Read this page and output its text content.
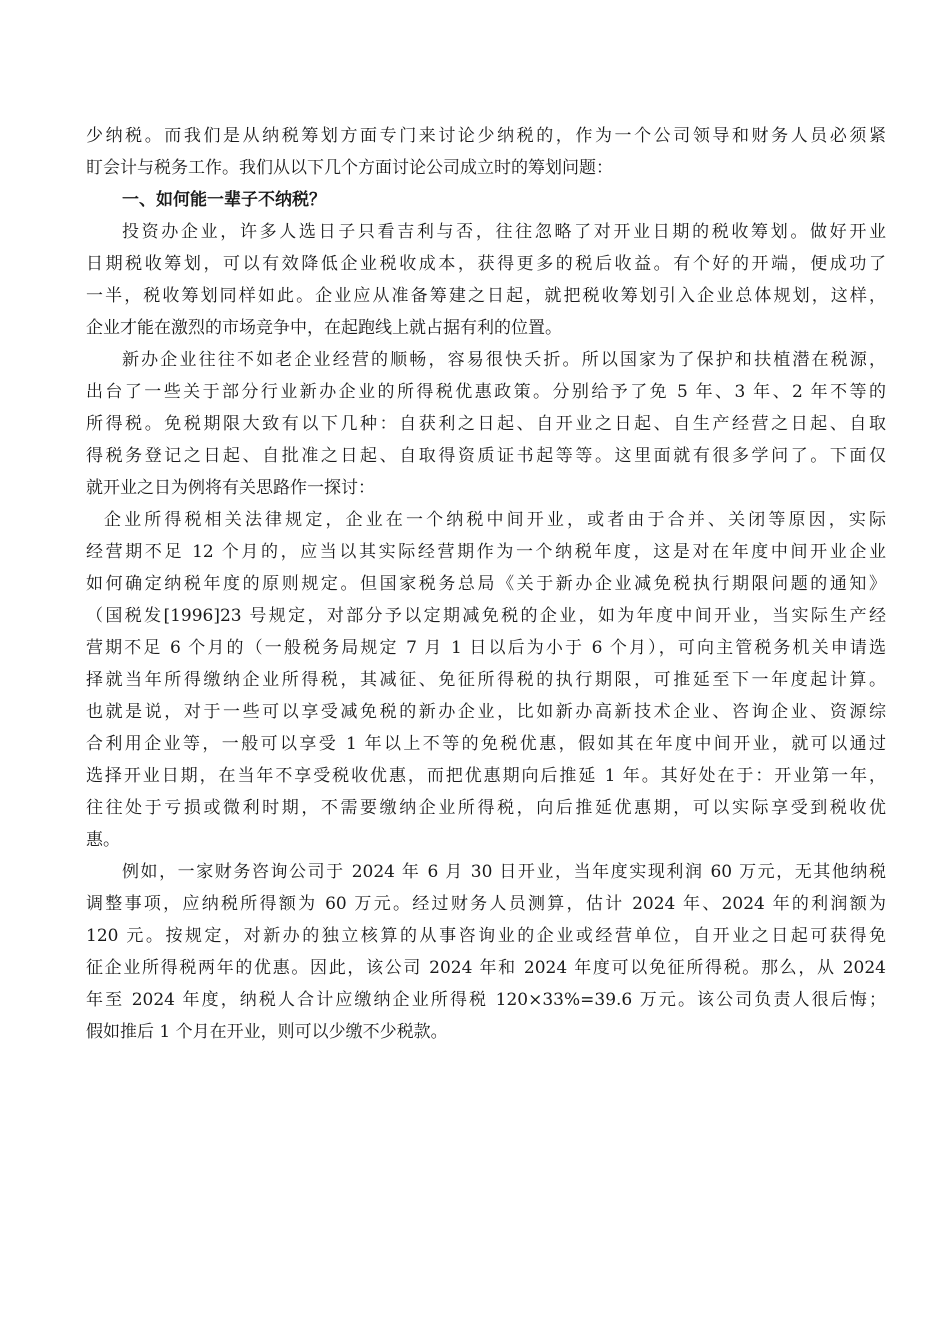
少纳税。而我们是从纳税筹划方面专门来讨论少纳税的，作为一个公司领导和财务人员必须紧
盯会计与税务工作。我们从以下几个方面讨论公司成立时的筹划问题：
一、如何能一辈子不纳税？
投资办企业，许多人选日子只看吉利与否，往往忽略了对开业日期的税收筹划。做好开业
日期税收筹划，可以有效降低企业税收成本，获得更多的税后收益。有个好的开端，便成功了
一半，税收筹划同样如此。企业应从准备筹建之日起，就把税收筹划引入企业总体规划，这样，
企业才能在激烈的市场竞争中，在起跑线上就占据有利的位置。
新办企业往往不如老企业经营的顺畅，容易很快夭折。所以国家为了保护和扶植潜在税源，
出台了一些关于部分行业新办企业的所得税优惠政策。分别给予了免 5 年、3 年、2 年不等的
所得税。免税期限大致有以下几种：自获利之日起、自开业之日起、自生产经营之日起、自取
得税务登记之日起、自批准之日起、自取得资质证书起等等。这里面就有很多学问了。下面仅
就开业之日为例将有关思路作一探讨：
企业所得税相关法律规定，企业在一个纳税中间开业，或者由于合并、关闭等原因，实际
经营期不足 12 个月的，应当以其实际经营期作为一个纳税年度，这是对在年度中间开业企业
如何确定纳税年度的原则规定。但国家税务总局《关于新办企业减免税执行期限问题的通知》
（国税发[1996]23 号规定，对部分予以定期减免税的企业，如为年度中间开业，当实际生产经
营期不足 6 个月的（一般税务局规定 7 月 1 日以后为小于 6 个月），可向主管税务机关申请选
择就当年所得缴纳企业所得税，其减征、免征所得税的执行期限，可推延至下一年度起计算。
也就是说，对于一些可以享受减免税的新办企业，比如新办高新技术企业、咨询企业、资源综
合利用企业等，一般可以享受 1 年以上不等的免税优惠，假如其在年度中间开业，就可以通过
选择开业日期，在当年不享受税收优惠，而把优惠期向后推延 1 年。其好处在于：开业第一年，
往往处于亏损或微利时期，不需要缴纳企业所得税，向后推延优惠期，可以实际享受到税收优
惠。
例如，一家财务咨询公司于 2024 年 6 月 30 日开业，当年度实现利润 60 万元，无其他纳税
调整事项，应纳税所得额为 60 万元。经过财务人员测算，估计 2024 年、2024 年的利润额为
120 元。按规定，对新办的独立核算的从事咨询业的企业或经营单位，自开业之日起可获得免
征企业所得税两年的优惠。因此，该公司 2024 年和 2024 年度可以免征所得税。那么，从 2024
年至 2024 年度，纳税人合计应缴纳企业所得税 120×33%=39.6 万元。该公司负责人很后悔；
假如推后 1 个月在开业，则可以少缴不少税款。
